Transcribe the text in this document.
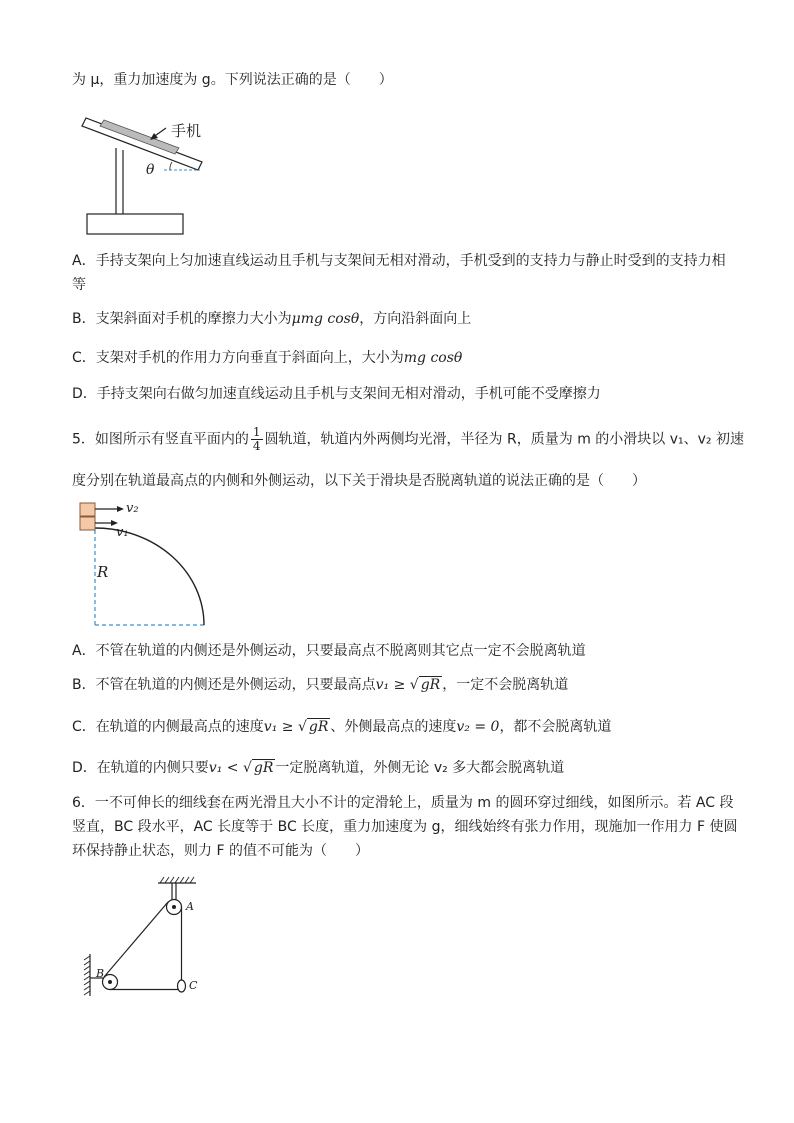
为 μ，重力加速度为 g。下列说法正确的是（　　）
手机
θ
A．手持支架向上匀加速直线运动且手机与支架间无相对滑动，手机受到的支持力与静止时受到的支持力相
等
B．支架斜面对手机的摩擦力大小为μmg cosθ，方向沿斜面向上
C．支架对手机的作用力方向垂直于斜面向上，大小为mg cosθ
D．手持支架向右做匀加速直线运动且手机与支架间无相对滑动，手机可能不受摩擦力
5．如图所示有竖直平面内的 $\frac{1}{4}$ 圆轨道，轨道内外两侧均光滑，半径为 R，质量为 m 的小滑块以 v₁、v₂ 初速
度分别在轨道最高点的内侧和外侧运动，以下关于滑块是否脱离轨道的说法正确的是（　　）
v₂
v₁
R
A．不管在轨道的内侧还是外侧运动，只要最高点不脱离则其它点一定不会脱离轨道
B．不管在轨道的内侧还是外侧运动，只要最高点v₁ ≥ √ gR ，一定不会脱离轨道
C．在轨道的内侧最高点的速度v₁ ≥ √ gR 、外侧最高点的速度v₂ = 0，都不会脱离轨道
D．在轨道的内侧只要v₁ < √ gR 一定脱离轨道，外侧无论 v₂ 多大都会脱离轨道
6．一不可伸长的细线套在两光滑且大小不计的定滑轮上，质量为 m 的圆环穿过细线，如图所示。若 AC 段
竖直，BC 段水平，AC 长度等于 BC 长度，重力加速度为 g，细线始终有张力作用，现施加一作用力 F 使圆
环保持静止状态，则力 F 的值不可能为（　　）
A
B
C
